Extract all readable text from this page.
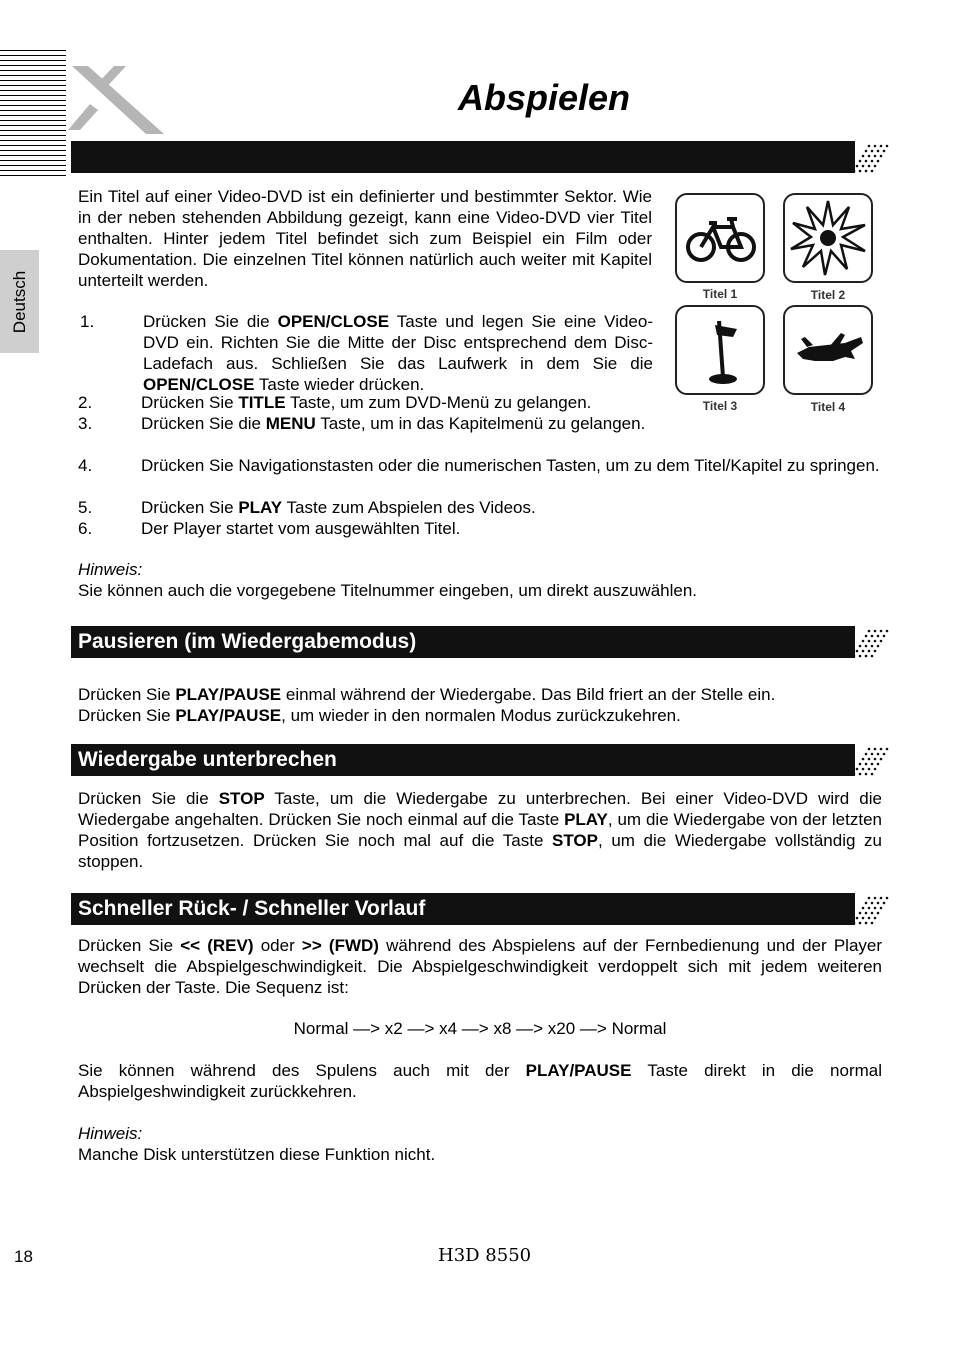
Abspielen
Deutsch
Ein Titel auf einer Video-DVD ist ein definierter und bestimmter Sektor. Wie in der neben stehenden Abbildung gezeigt, kann eine Video-DVD vier Titel enthalten. Hinter jedem Titel befindet sich zum Beispiel ein Film oder Dokumentation. Die einzelnen Titel können natürlich auch weiter mit Kapitel unterteilt werden.
Titel 1	Titel 2
Titel 3	Titel 4
1.	Drücken Sie die OPEN/CLOSE Taste und legen Sie eine Video-DVD ein. Richten Sie die Mitte der Disc entsprechend dem Disc-Ladefach aus. Schließen Sie das Laufwerk in dem Sie die OPEN/CLOSE Taste wieder drücken.
2.	Drücken Sie TITLE Taste, um zum DVD-Menü zu gelangen.
3.	Drücken Sie die MENU Taste, um in das Kapitelmenü zu gelangen.
4.	Drücken Sie Navigationstasten oder die numerischen Tasten, um zu dem Titel/Kapitel zu springen.
5.	Drücken Sie PLAY Taste zum Abspielen des Videos.
6.	Der Player startet vom ausgewählten Titel.
Hinweis:
Sie können auch die vorgegebene Titelnummer eingeben, um direkt auszuwählen.
Pausieren (im Wiedergabemodus)
Drücken Sie PLAY/PAUSE einmal während der Wiedergabe. Das Bild friert an der Stelle ein.
Drücken Sie PLAY/PAUSE, um wieder in den normalen Modus zurückzukehren.
Wiedergabe unterbrechen
Drücken Sie die STOP Taste, um die Wiedergabe zu unterbrechen. Bei einer Video-DVD wird die Wiedergabe angehalten. Drücken Sie noch einmal auf die Taste PLAY, um die Wiedergabe von der letzten Position fortzusetzen. Drücken Sie noch mal auf die Taste STOP, um die Wiedergabe vollständig zu stoppen.
Schneller Rück- / Schneller Vorlauf
Drücken Sie << (REV) oder >> (FWD) während des Abspielens auf der Fernbedienung und der Player wechselt die Abspielgeschwindigkeit. Die Abspielgeschwindigkeit verdoppelt sich mit jedem weiteren Drücken der Taste. Die Sequenz ist:
Normal —> x2 —> x4 —> x8 —> x20 —> Normal
Sie können während des Spulens auch mit der PLAY/PAUSE Taste direkt in die normal Abspielgeshwindigkeit zurückkehren.
Hinweis:
Manche Disk unterstützen diese Funktion nicht.
18	H3D 8550
